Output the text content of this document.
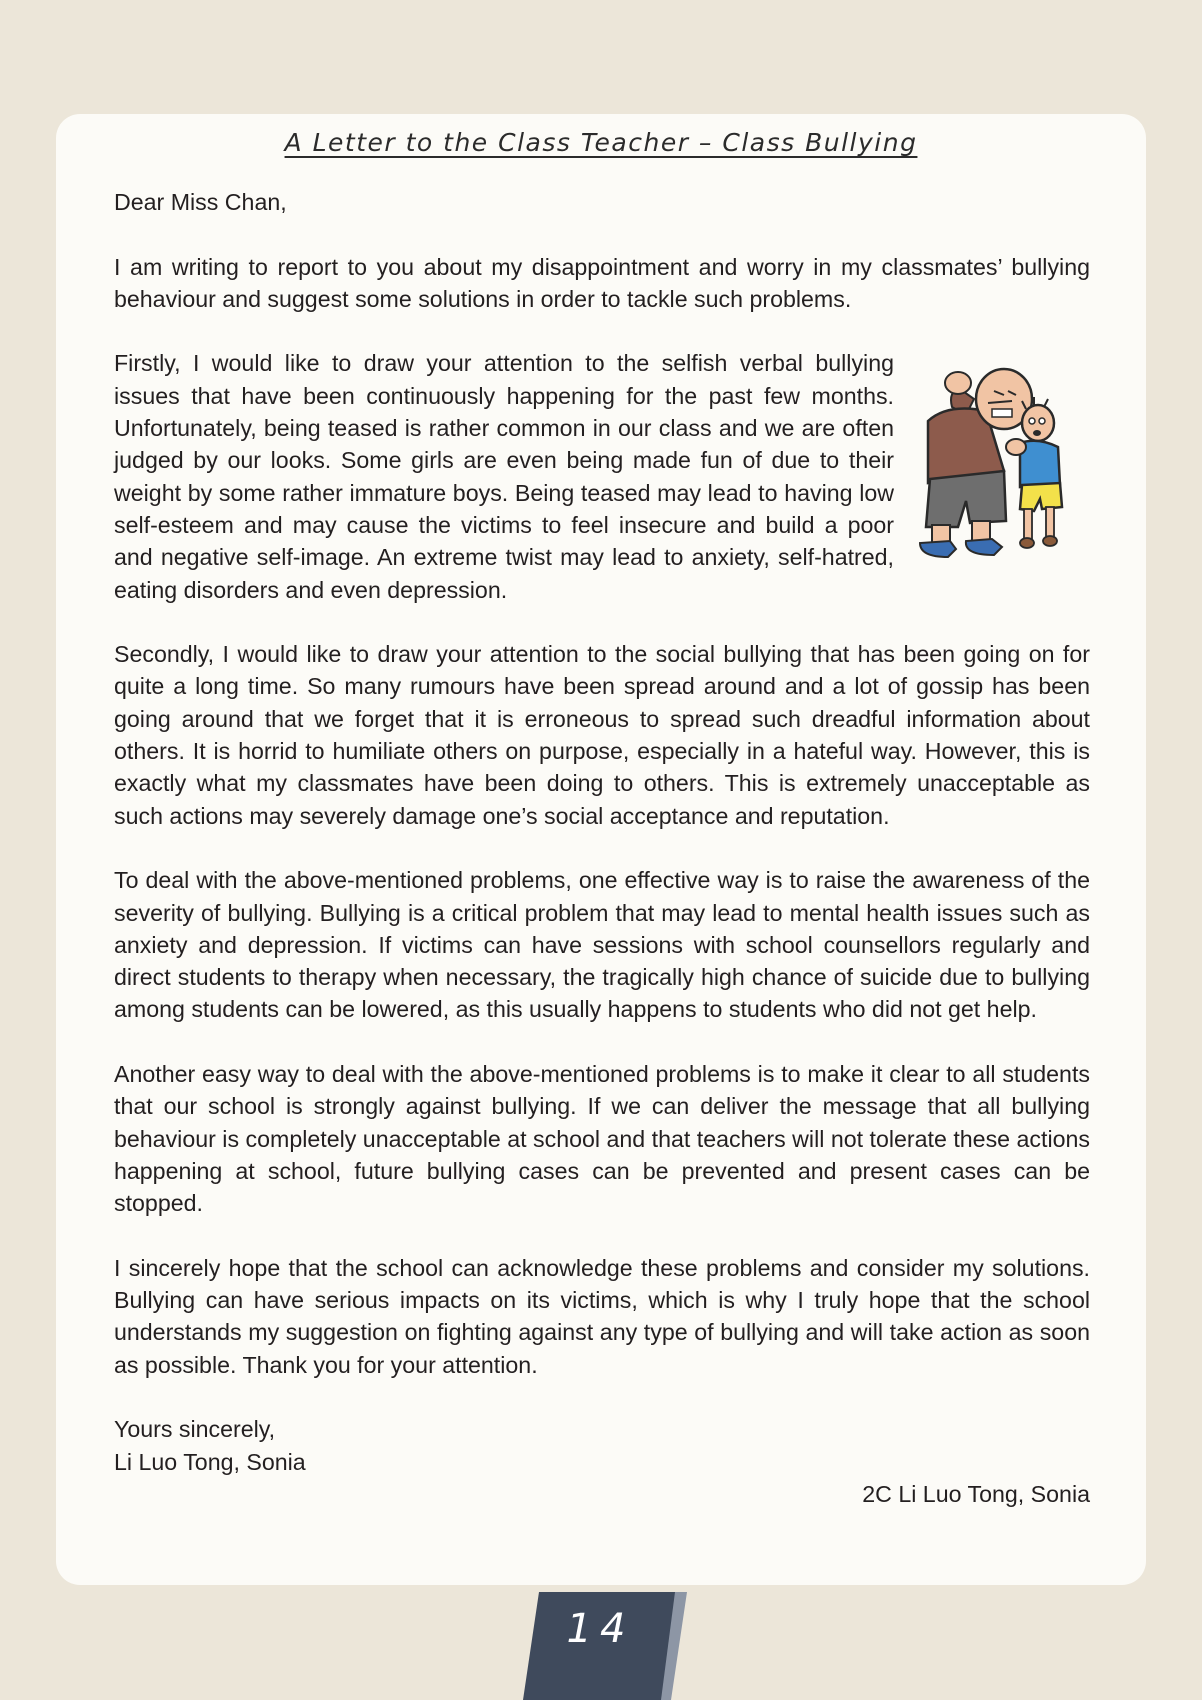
A Letter to the Class Teacher – Class Bullying

Dear Miss Chan,

I am writing to report to you about my disappointment and worry in my classmates’ bullying behaviour and suggest some solutions in order to tackle such problems.

Firstly, I would like to draw your attention to the selfish verbal bullying issues that have been continuously happening for the past few months. Unfortunately, being teased is rather common in our class and we are often judged by our looks. Some girls are even being made fun of due to their weight by some rather immature boys. Being teased may lead to having low self-esteem and may cause the victims to feel insecure and build a poor and negative self-image. An extreme twist may lead to anxiety, self-hatred, eating disorders and even depression.

Secondly, I would like to draw your attention to the social bullying that has been going on for quite a long time. So many rumours have been spread around and a lot of gossip has been going around that we forget that it is erroneous to spread such dreadful information about others. It is horrid to humiliate others on purpose, especially in a hateful way. However, this is exactly what my classmates have been doing to others. This is extremely unacceptable as such actions may severely damage one’s social acceptance and reputation.

To deal with the above-mentioned problems, one effective way is to raise the awareness of the severity of bullying. Bullying is a critical problem that may lead to mental health issues such as anxiety and depression. If victims can have sessions with school counsellors regularly and direct students to therapy when necessary, the tragically high chance of suicide due to bullying among students can be lowered, as this usually happens to students who did not get help.

Another easy way to deal with the above-mentioned problems is to make it clear to all students that our school is strongly against bullying. If we can deliver the message that all bullying behaviour is completely unacceptable at school and that teachers will not tolerate these actions happening at school, future bullying cases can be prevented and present cases can be stopped.

I sincerely hope that the school can acknowledge these problems and consider my solutions. Bullying can have serious impacts on its victims, which is why I truly hope that the school understands my suggestion on fighting against any type of bullying and will take action as soon as possible. Thank you for your attention.

Yours sincerely,

Li Luo Tong, Sonia

2C Li Luo Tong, Sonia

14
